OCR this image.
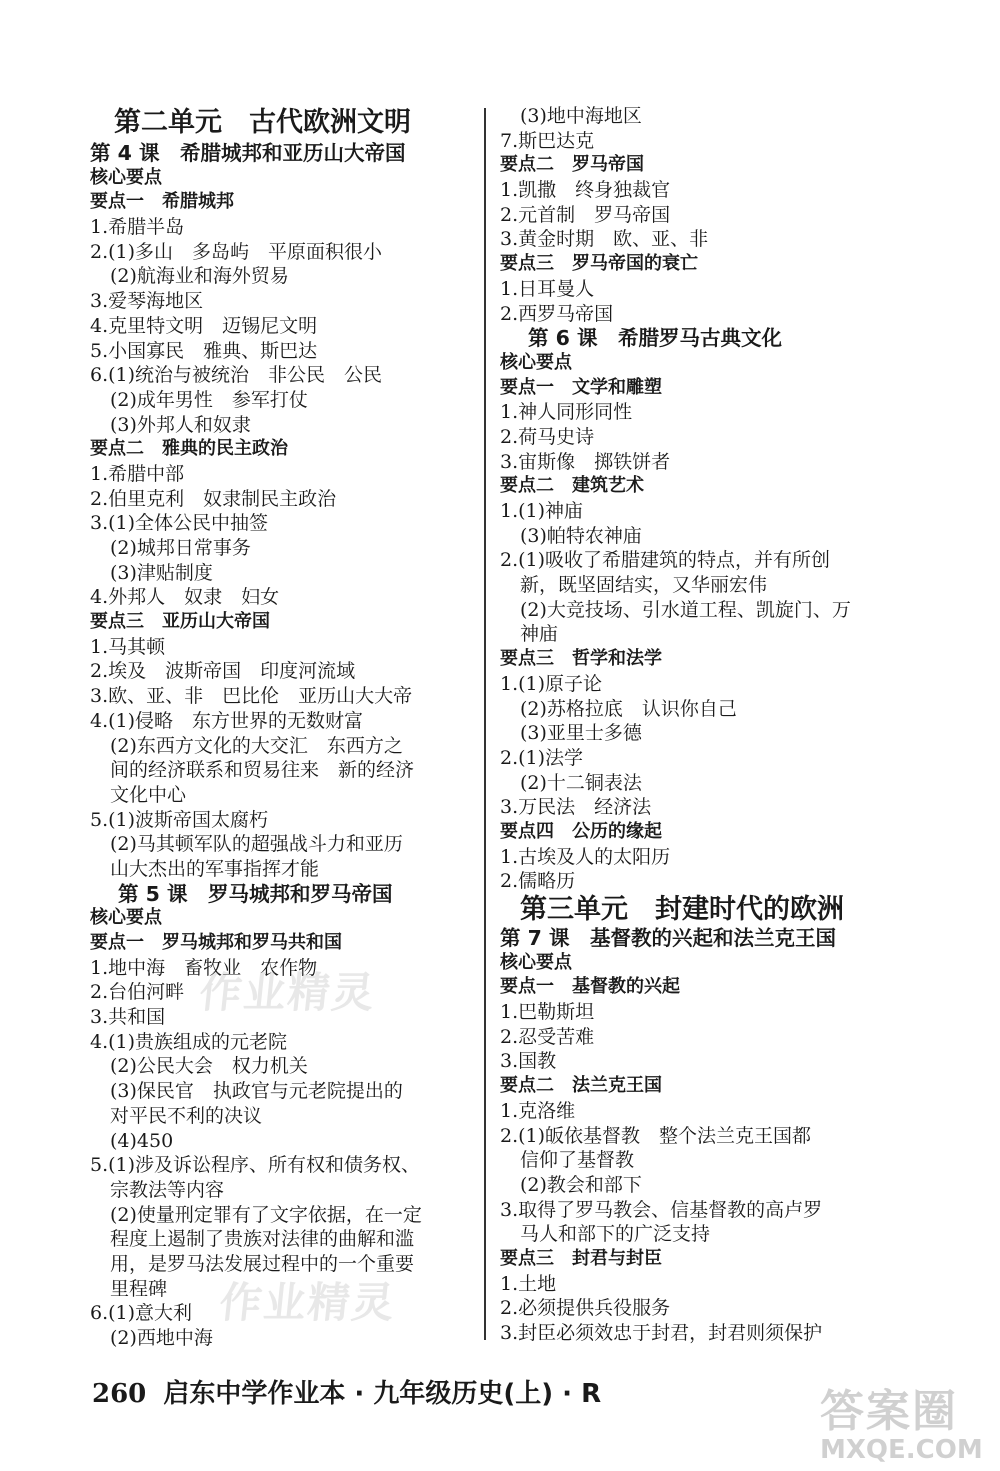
第二单元　古代欧洲文明
第 4 课　希腊城邦和亚历山大帝国
核心要点
要点一　希腊城邦
1.希腊半岛
2.(1)多山　多岛屿　平原面积很小
(2)航海业和海外贸易
3.爱琴海地区
4.克里特文明　迈锡尼文明
5.小国寡民　雅典、斯巴达
6.(1)统治与被统治　非公民　公民
(2)成年男性　参军打仗
(3)外邦人和奴隶
要点二　雅典的民主政治
1.希腊中部
2.伯里克利　奴隶制民主政治
3.(1)全体公民中抽签
(2)城邦日常事务
(3)津贴制度
4.外邦人　奴隶　妇女
要点三　亚历山大帝国
1.马其顿
2.埃及　波斯帝国　印度河流域
3.欧、亚、非　巴比伦　亚历山大大帝
4.(1)侵略　东方世界的无数财富
(2)东西方文化的大交汇　东西方之
间的经济联系和贸易往来　新的经济
文化中心
5.(1)波斯帝国太腐朽
(2)马其顿军队的超强战斗力和亚历
山大杰出的军事指挥才能
第 5 课　罗马城邦和罗马帝国
核心要点
要点一　罗马城邦和罗马共和国
1.地中海　畜牧业　农作物
2.台伯河畔
3.共和国
4.(1)贵族组成的元老院
(2)公民大会　权力机关
(3)保民官　执政官与元老院提出的
对平民不利的决议
(4)450
5.(1)涉及诉讼程序、所有权和债务权、
宗教法等内容
(2)使量刑定罪有了文字依据，在一定
程度上遏制了贵族对法律的曲解和滥
用，是罗马法发展过程中的一个重要
里程碑
6.(1)意大利
(2)西地中海
(3)地中海地区
7.斯巴达克
要点二　罗马帝国
1.凯撒　终身独裁官
2.元首制　罗马帝国
3.黄金时期　欧、亚、非
要点三　罗马帝国的衰亡
1.日耳曼人
2.西罗马帝国
第 6 课　希腊罗马古典文化
核心要点
要点一　文学和雕塑
1.神人同形同性
2.荷马史诗
3.宙斯像　掷铁饼者
要点二　建筑艺术
1.(1)神庙
(3)帕特农神庙
2.(1)吸收了希腊建筑的特点，并有所创
新，既坚固结实，又华丽宏伟
(2)大竞技场、引水道工程、凯旋门、万
神庙
要点三　哲学和法学
1.(1)原子论
(2)苏格拉底　认识你自己
(3)亚里士多德
2.(1)法学
(2)十二铜表法
3.万民法　经济法
要点四　公历的缘起
1.古埃及人的太阳历
2.儒略历
第三单元　封建时代的欧洲
第 7 课　基督教的兴起和法兰克王国
核心要点
要点一　基督教的兴起
1.巴勒斯坦
2.忍受苦难
3.国教
要点二　法兰克王国
1.克洛维
2.(1)皈依基督教　整个法兰克王国都
信仰了基督教
(2)教会和部下
3.取得了罗马教会、信基督教的高卢罗
马人和部下的广泛支持
要点三　封君与封臣
1.土地
2.必须提供兵役服务
3.封臣必须效忠于封君，封君则须保护
作业精灵
作业精灵
260 启东中学作业本 · 九年级历史(上) · R	答案圈
MXQE.COM
